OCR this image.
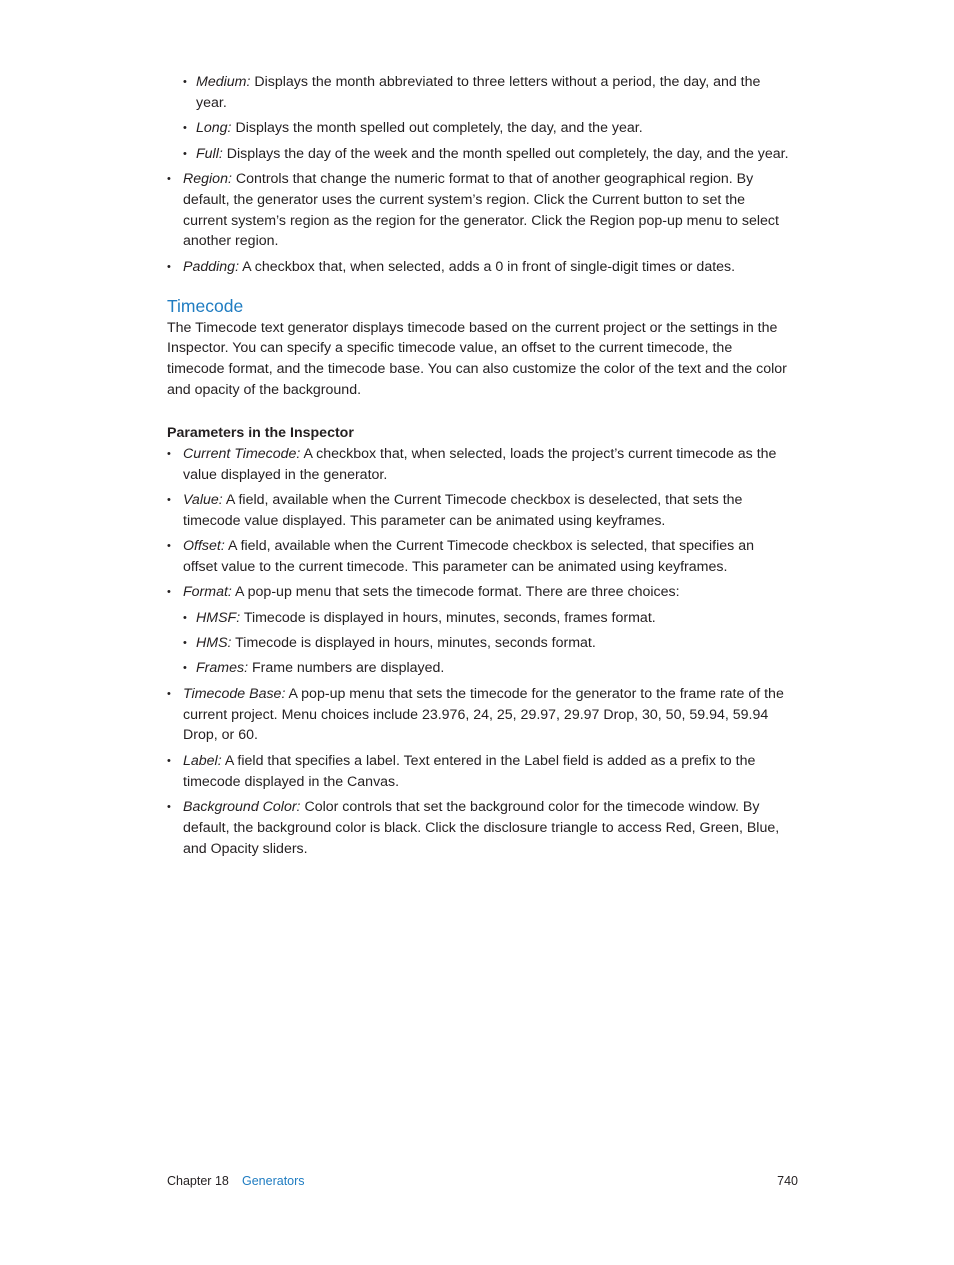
• Medium: Displays the month abbreviated to three letters without a period, the day, and the year.
• Long: Displays the month spelled out completely, the day, and the year.
• Full: Displays the day of the week and the month spelled out completely, the day, and the year.
• Region: Controls that change the numeric format to that of another geographical region. By default, the generator uses the current system’s region. Click the Current button to set the current system’s region as the region for the generator. Click the Region pop-up menu to select another region.
• Padding: A checkbox that, when selected, adds a 0 in front of single-digit times or dates.
Timecode

The Timecode text generator displays timecode based on the current project or the settings in the Inspector. You can specify a specific timecode value, an offset to the current timecode, the timecode format, and the timecode base. You can also customize the color of the text and the color and opacity of the background.

Parameters in the Inspector
• Current Timecode: A checkbox that, when selected, loads the project’s current timecode as the value displayed in the generator.
• Value: A field, available when the Current Timecode checkbox is deselected, that sets the timecode value displayed. This parameter can be animated using keyframes.
• Offset: A field, available when the Current Timecode checkbox is selected, that specifies an offset value to the current timecode. This parameter can be animated using keyframes.
• Format: A pop-up menu that sets the timecode format. There are three choices:
• HMSF: Timecode is displayed in hours, minutes, seconds, frames format.
• HMS: Timecode is displayed in hours, minutes, seconds format.
• Frames: Frame numbers are displayed.
• Timecode Base: A pop-up menu that sets the timecode for the generator to the frame rate of the current project. Menu choices include 23.976, 24, 25, 29.97, 29.97 Drop, 30, 50, 59.94, 59.94 Drop, or 60.
• Label: A field that specifies a label. Text entered in the Label field is added as a prefix to the timecode displayed in the Canvas.
• Background Color: Color controls that set the background color for the timecode window. By default, the background color is black. Click the disclosure triangle to access Red, Green, Blue, and Opacity sliders.
Chapter 18 Generators	740
